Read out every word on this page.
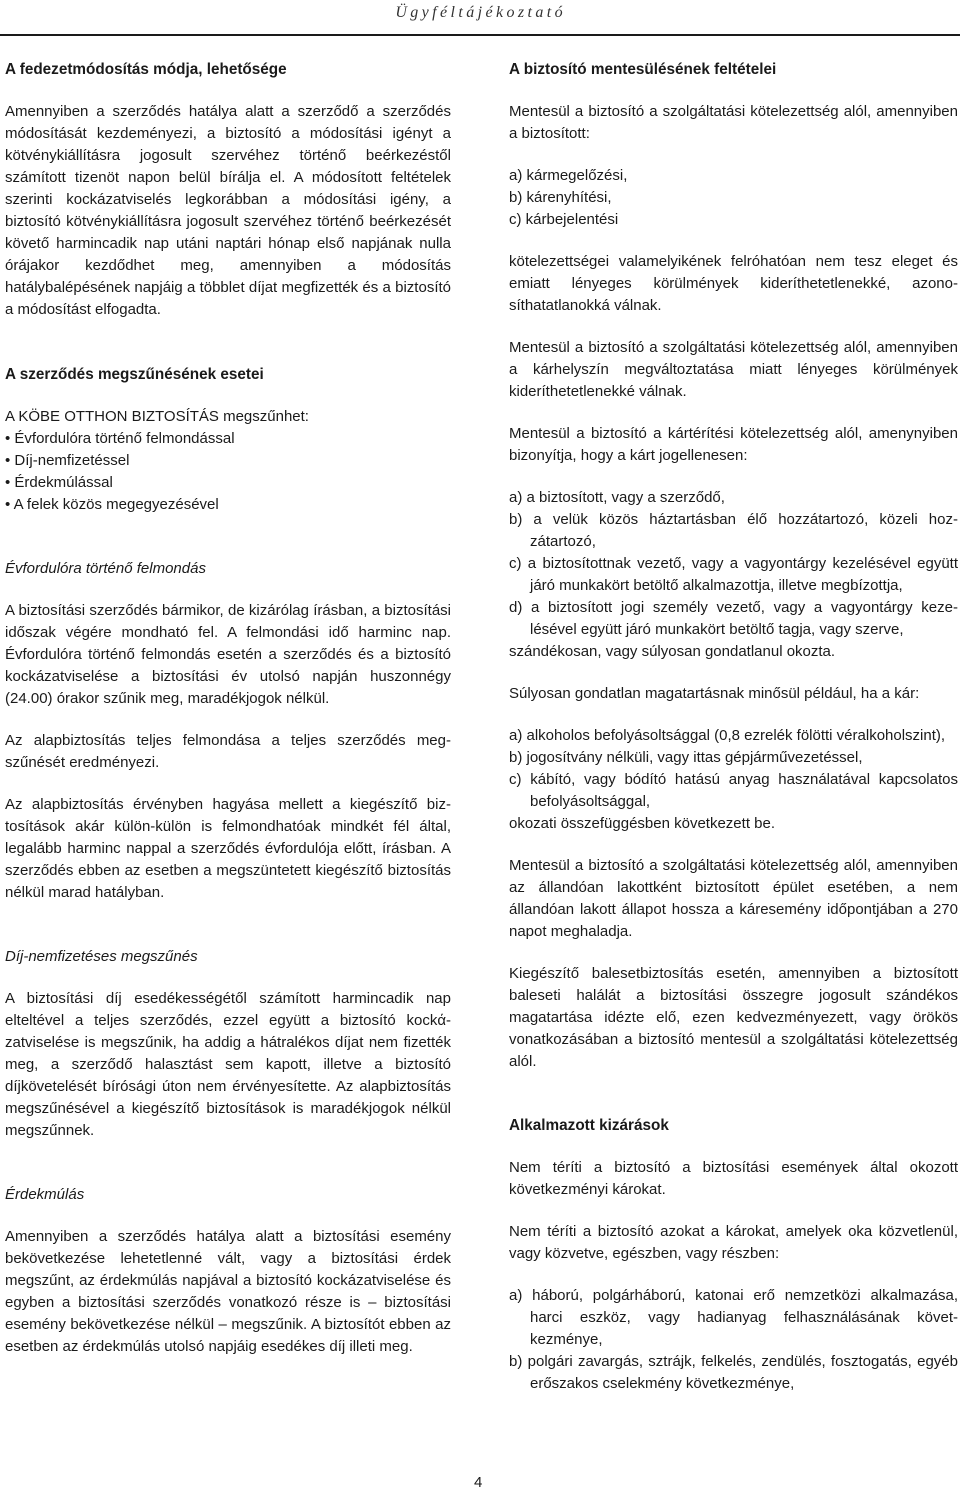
Ügyféltájékoztató

A fedezetmódosítás módja, lehetősége

Amennyiben a szerződés hatálya alatt a szerződő a szerződés módosítását kezdeményezi, a biztosító a módosítási igényt a kötvénykiállításra jogosult szervéhez történő beérkezéstől számított tizenöt napon belül bírálja el. A módosított feltételek szerinti kockázatviselés legkorábban a módosítási igény, a biztosító kötvénykiállításra jogosult szervéhez történő beérkezését követő harmincadik nap utáni naptári hónap első napjának nulla órájakor kezdődhet meg, amennyiben a módosítás hatálybalépésének napjáig a többlet díjat megfizették és a biztosító a módosítást elfogadta.

A szerződés megszűnésének esetei

A KÖBE OTTHON BIZTOSÍTÁS megszűnhet:

• Évfordulóra történő felmondással

• Díj-nemfizetéssel

• Érdekmúlással

• A felek közös megegyezésével

Évfordulóra történő felmondás

A biztosítási szerződés bármikor, de kizárólag írásban, a biztosítási időszak végére mondható fel. A felmondási idő harminc nap. Évfordulóra történő felmondás esetén a szerződés és a biztosító kockázatviselése a biztosítási év utolsó napján huszonnégy (24.00) órakor szűnik meg, maradékjogok nélkül.

Az alapbiztosítás teljes felmondása a teljes szerződés megszűnését eredményezi.

Az alapbiztosítás érvényben hagyása mellett a kiegészítő biztosítások akár külön-külön is felmondhatóak mindkét fél által, legalább harminc nappal a szerződés évfordulója előtt, írásban. A szerződés ebben az esetben a megszüntetett kiegészítő biztosítás nélkül marad hatályban.

Díj-nemfizetéses megszűnés

A biztosítási díj esedékességétől számított harmincadik nap elteltével a teljes szerződés, ezzel együtt a biztosító kockάzatviselése is megszűnik, ha addig a hátralékos díjat nem fizették meg, a szerződő halasztást sem kapott, illetve a biztosító díjkövetelését bírósági úton nem érvényesítette. Az alapbiztosítás megszűnésével a kiegészítő biztosítások is maradékjogok nélkül megszűnnek.

Érdekmúlás

Amennyiben a szerződés hatálya alatt a biztosítási esemény bekövetkezése lehetetlenné vált, vagy a biztosítási érdek megszűnt, az érdekmúlás napjával a biztosító kockázatviselése és egyben a biztosítási szerződés vonatkozó része is – biztosítási esemény bekövetkezése nélkül – megszűnik. A biztosítót ebben az esetben az érdekmúlás utolsó napjáig esedékes díj illeti meg.

A biztosító mentesülésének feltételei

Mentesül a biztosító a szolgáltatási kötelezettség alól, amennyiben a biztosított:

a) kármegelőzési,

b) kárenyhítési,

c) kárbejelentési

kötelezettségei valamelyikének felróhatóan nem tesz eleget és emiatt lényeges körülmények kideríthetetlenekké, azonosíthatatlanokká válnak.

Mentesül a biztosító a szolgáltatási kötelezettség alól, amennyiben a kárhelyszín megváltoztatása miatt lényeges körülmények kideríthetetlenekké válnak.

Mentesül a biztosító a kártérítési kötelezettség alól, amenynyiben bizonyítja, hogy a kárt jogellenesen:

a) a biztosított, vagy a szerződő,

b) a velük közös háztartásban élő hozzátartozó, közeli hozzátartozó,

c) a biztosítottnak vezető, vagy a vagyontárgy kezelésével együtt járó munkakört betöltő alkalmazottja, illetve megbízottja,

d) a biztosított jogi személy vezető, vagy a vagyontárgy kezelésével együtt járó munkakört betöltő tagja, vagy szerve,

szándékosan, vagy súlyosan gondatlanul okozta.

Súlyosan gondatlan magatartásnak minősül például, ha a kár:

a) alkoholos befolyásoltsággal (0,8 ezrelék fölötti véralkoholszint),

b) jogosítvány nélküli, vagy ittas gépjárművezetéssel,

c) kábító, vagy bódító hatású anyag használatával kapcsolatos befolyásoltsággal,

okozati összefüggésben következett be.

Mentesül a biztosító a szolgáltatási kötelezettség alól, amennyiben az állandóan lakottként biztosított épület esetében, a nem állandóan lakott állapot hossza a káresemény időpontjában a 270 napot meghaladja.

Kiegészítő balesetbiztosítás esetén, amennyiben a biztosított baleseti halálát a biztosítási összegre jogosult szándékos magatartása idézte elő, ezen kedvezményezett, vagy örökös vonatkozásában a biztosító mentesül a szolgáltatási kötelezettség alól.

Alkalmazott kizárások

Nem téríti a biztosító a biztosítási események által okozott következményi károkat.

Nem téríti a biztosító azokat a károkat, amelyek oka közvetlenül, vagy közvetve, egészben, vagy részben:

a) háború, polgárháború, katonai erő nemzetközi alkalmazása, harci eszköz, vagy hadianyag felhasználásának következménye,

b) polgári zavargás, sztrájk, felkelés, zendülés, fosztogatás, egyéb erőszakos cselekmény következménye,

4
